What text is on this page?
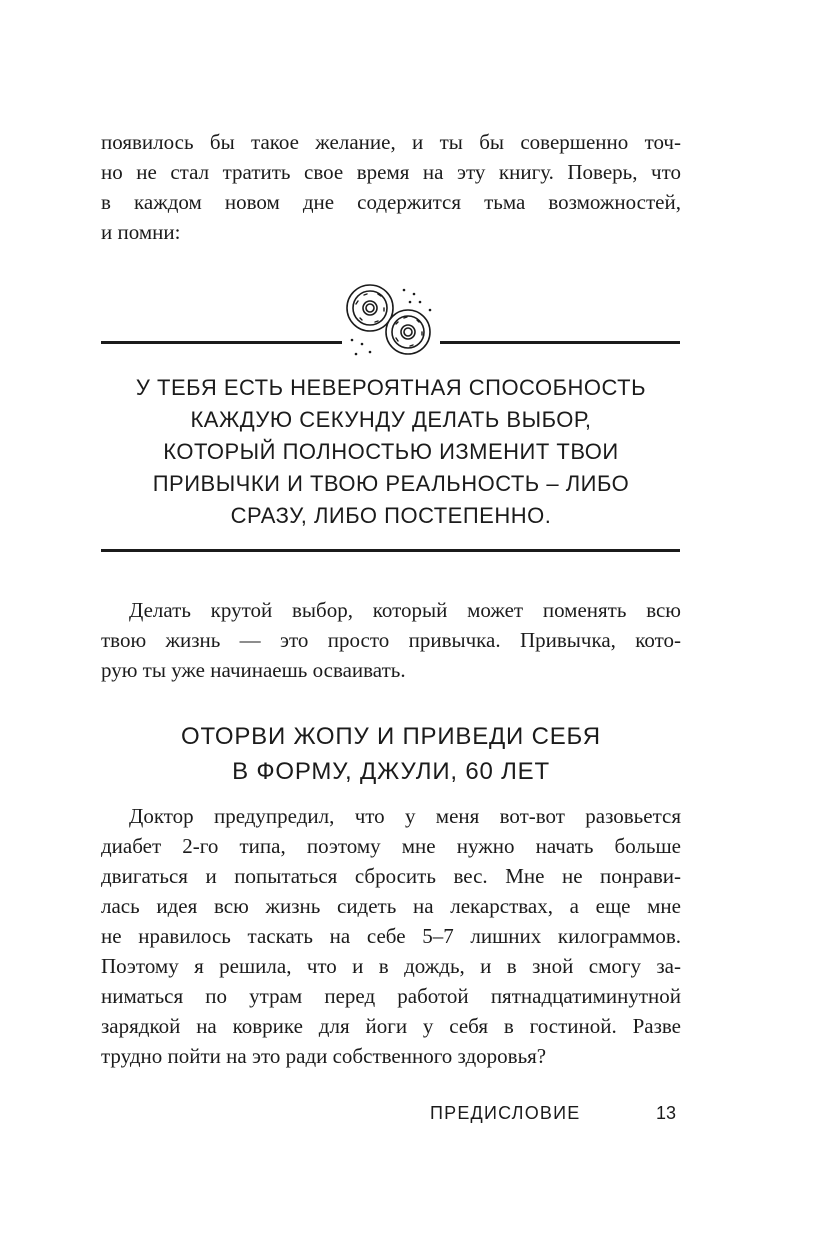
появилось бы такое желание, и ты бы совершенно точ-
но не стал тратить свое время на эту книгу. Поверь, что
в каждом новом дне содержится тьма возможностей,
и помни:
У ТЕБЯ ЕСТЬ НЕВЕРОЯТНАЯ СПОСОБНОСТЬ
КАЖДУЮ СЕКУНДУ ДЕЛАТЬ ВЫБОР,
КОТОРЫЙ ПОЛНОСТЬЮ ИЗМЕНИТ ТВОИ
ПРИВЫЧКИ И ТВОЮ РЕАЛЬНОСТЬ – ЛИБО
СРАЗУ, ЛИБО ПОСТЕПЕННО.
Делать крутой выбор, который может поменять всю
твою жизнь — это просто привычка. Привычка, кото-
рую ты уже начинаешь осваивать.
ОТОРВИ ЖОПУ И ПРИВЕДИ СЕБЯ
В ФОРМУ, ДЖУЛИ, 60 ЛЕТ
Доктор предупредил, что у меня вот-вот разовьется
диабет 2-го типа, поэтому мне нужно начать больше
двигаться и попытаться сбросить вес. Мне не понрави-
лась идея всю жизнь сидеть на лекарствах, а еще мне
не нравилось таскать на себе 5–7 лишних килограммов.
Поэтому я решила, что и в дождь, и в зной смогу за-
ниматься по утрам перед работой пятнадцатиминутной
зарядкой на коврике для йоги у себя в гостиной. Разве
трудно пойти на это ради собственного здоровья?
ПРЕДИСЛОВИЕ	13
